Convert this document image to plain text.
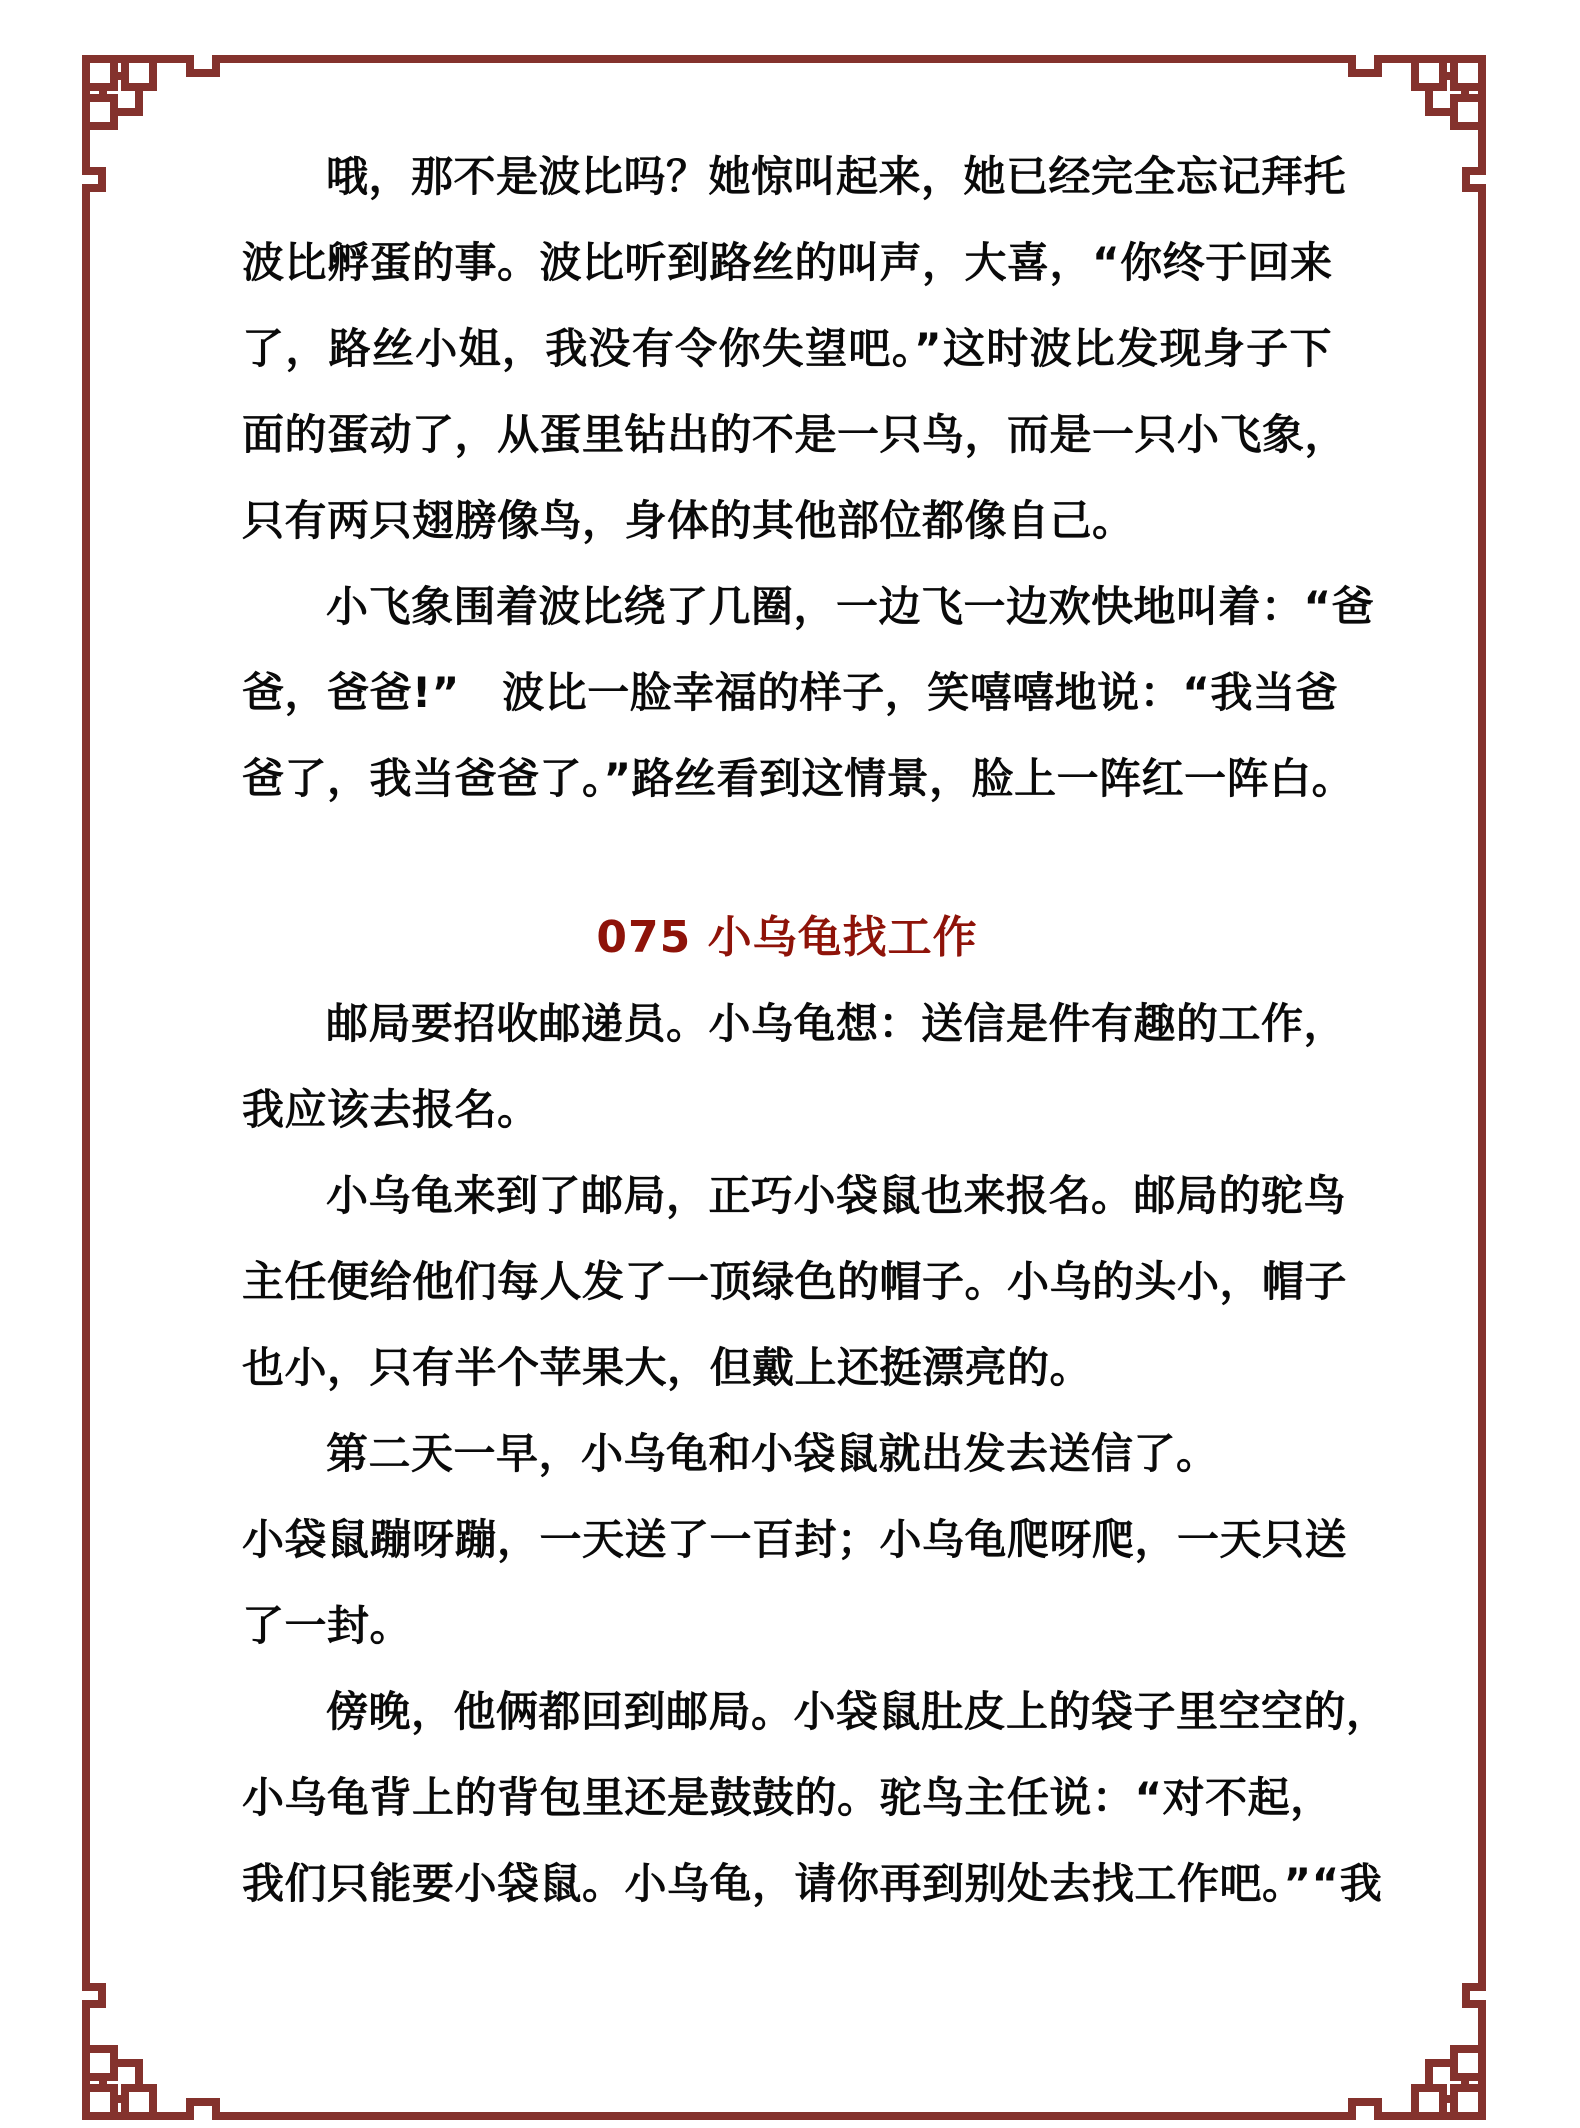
哦，那不是波比吗？她惊叫起来，她已经完全忘记拜托
波比孵蛋的事。波比听到路丝的叫声，大喜，“你终于回来
了，路丝小姐，我没有令你失望吧。”这时波比发现身子下
面的蛋动了，从蛋里钻出的不是一只鸟，而是一只小飞象，
只有两只翅膀像鸟，身体的其他部位都像自己。
小飞象围着波比绕了几圈，一边飞一边欢快地叫着：“爸
爸，爸爸!”　波比一脸幸福的样子，笑嘻嘻地说：“我当爸
爸了，我当爸爸了。”路丝看到这情景，脸上一阵红一阵白。
075 小乌龟找工作
邮局要招收邮递员。小乌龟想：送信是件有趣的工作，
我应该去报名。
小乌龟来到了邮局，正巧小袋鼠也来报名。邮局的驼鸟
主任便给他们每人发了一顶绿色的帽子。小乌的头小，帽子
也小，只有半个苹果大，但戴上还挺漂亮的。
第二天一早，小乌龟和小袋鼠就出发去送信了。
小袋鼠蹦呀蹦，一天送了一百封；小乌龟爬呀爬，一天只送
了一封。
傍晚，他俩都回到邮局。小袋鼠肚皮上的袋子里空空的，
小乌龟背上的背包里还是鼓鼓的。驼鸟主任说：“对不起，
我们只能要小袋鼠。小乌龟，请你再到别处去找工作吧。”“我
